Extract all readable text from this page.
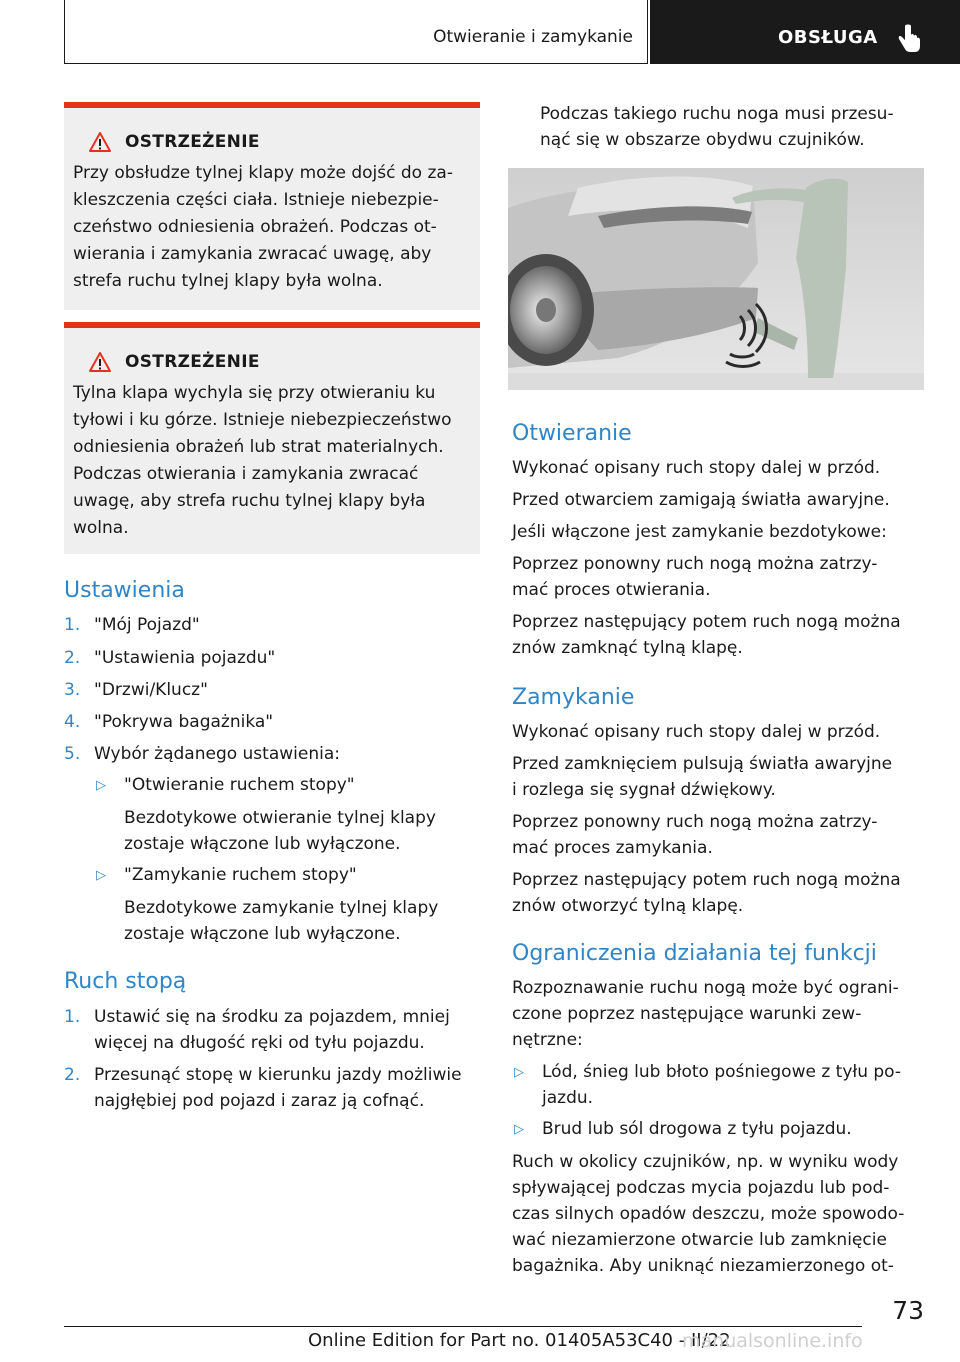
Otwieranie i zamykanie	OBSŁUGA
OSTRZEŻENIE
Przy obsłudze tylnej klapy może dojść do za-
kleszczenia części ciała. Istnieje niebezpie-
czeństwo odniesienia obrażeń. Podczas ot-
wierania i zamykania zwracać uwagę, aby
strefa ruchu tylnej klapy była wolna.
OSTRZEŻENIE
Tylna klapa wychyla się przy otwieraniu ku
tyłowi i ku górze. Istnieje niebezpieczeństwo
odniesienia obrażeń lub strat materialnych.
Podczas otwierania i zamykania zwracać
uwagę, aby strefa ruchu tylnej klapy była
wolna.
Ustawienia
1. "Mój Pojazd"
2. "Ustawienia pojazdu"
3. "Drzwi/Klucz"
4. "Pokrywa bagażnika"
5. Wybór żądanego ustawienia:
▷ "Otwieranie ruchem stopy"
Bezdotykowe otwieranie tylnej klapy
zostaje włączone lub wyłączone.
▷ "Zamykanie ruchem stopy"
Bezdotykowe zamykanie tylnej klapy
zostaje włączone lub wyłączone.
Ruch stopą
1. Ustawić się na środku za pojazdem, mniej
więcej na długość ręki od tyłu pojazdu.
2. Przesunąć stopę w kierunku jazdy możliwie
najgłębiej pod pojazd i zaraz ją cofnąć.
Podczas takiego ruchu noga musi przesu-
nąć się w obszarze obydwu czujników.
Otwieranie
Wykonać opisany ruch stopy dalej w przód.
Przed otwarciem zamigają światła awaryjne.
Jeśli włączone jest zamykanie bezdotykowe:
Poprzez ponowny ruch nogą można zatrzy-
mać proces otwierania.
Poprzez następujący potem ruch nogą można
znów zamknąć tylną klapę.
Zamykanie
Wykonać opisany ruch stopy dalej w przód.
Przed zamknięciem pulsują światła awaryjne
i rozlega się sygnał dźwiękowy.
Poprzez ponowny ruch nogą można zatrzy-
mać proces zamykania.
Poprzez następujący potem ruch nogą można
znów otworzyć tylną klapę.
Ograniczenia działania tej funkcji
Rozpoznawanie ruchu nogą może być ograni-
czone poprzez następujące warunki zew-
nętrzne:
▷ Lód, śnieg lub błoto pośniegowe z tyłu po-
jazdu.
▷ Brud lub sól drogowa z tyłu pojazdu.
Ruch w okolicy czujników, np. w wyniku wody
spływającej podczas mycia pojazdu lub pod-
czas silnych opadów deszczu, może spowodo-
wać niezamierzone otwarcie lub zamknięcie
bagażnika. Aby uniknąć niezamierzonego ot-
73
Online Edition for Part no. 01405A53C40 - II/22
manualsonline.info
